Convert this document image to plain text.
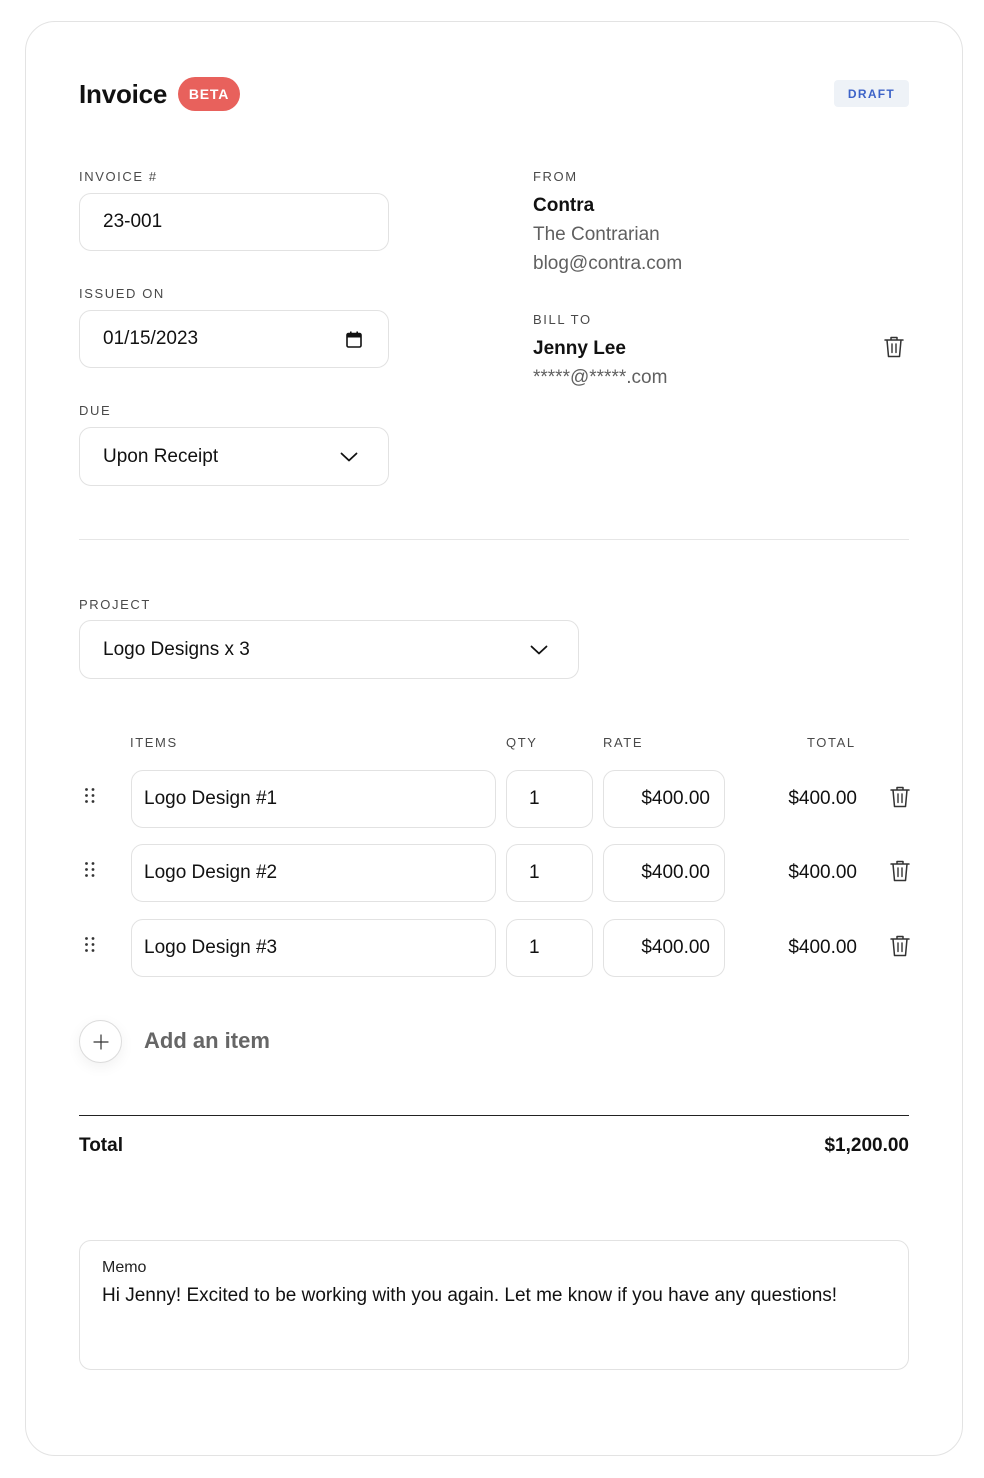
Invoice	BETA	DRAFT
INVOICE #
23-001
ISSUED ON
01/15/2023
DUE
Upon Receipt
FROM
Contra
The Contrarian
blog@contra.com
BILL TO
Jenny Lee
*****@*****.com
PROJECT
Logo Designs x 3
ITEMS	QTY	RATE	TOTAL
Logo Design #1	1	$400.00	$400.00
Logo Design #2	1	$400.00	$400.00
Logo Design #3	1	$400.00	$400.00
Add an item
Total	$1,200.00
Memo
Hi Jenny! Excited to be working with you again. Let me know if you have any questions!
